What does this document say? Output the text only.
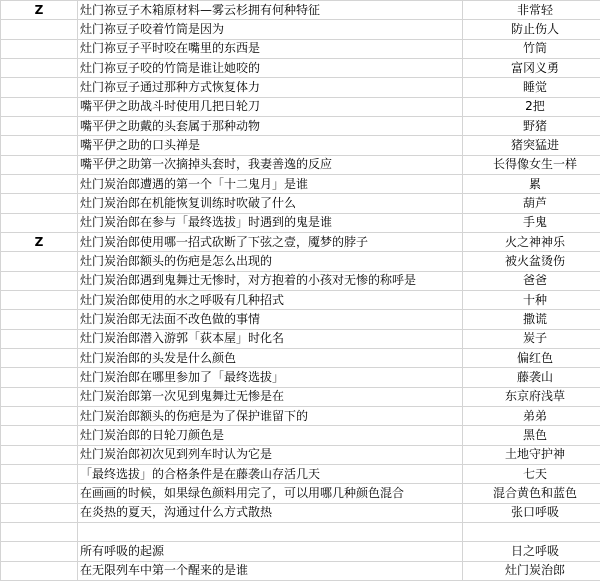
Z	灶门祢豆子木箱原材料—雾云杉拥有何种特征	非常轻
	灶门祢豆子咬着竹筒是因为	防止伤人
	灶门祢豆子平时咬在嘴里的东西是	竹筒
	灶门祢豆子咬的竹筒是谁让她咬的	富冈义勇
	灶门祢豆子通过那种方式恢复体力	睡觉
	嘴平伊之助战斗时使用几把日轮刀	2把
	嘴平伊之助戴的头套属于那种动物	野猪
	嘴平伊之助的口头禅是	猪突猛进
	嘴平伊之助第一次摘掉头套时，我妻善逸的反应	长得像女生一样
	灶门炭治郎遭遇的第一个「十二鬼月」是谁	累
	灶门炭治郎在机能恢复训练时吹破了什么	葫芦
	灶门炭治郎在参与「最终选拔」时遇到的鬼是谁	手鬼
Z	灶门炭治郎使用哪一招式砍断了下弦之壹，魇梦的脖子	火之神神乐
	灶门炭治郎额头的伤疤是怎么出现的	被火盆烫伤
	灶门炭治郎遇到鬼舞辻无惨时，对方抱着的小孩对无惨的称呼是	爸爸
	灶门炭治郎使用的水之呼吸有几种招式	十种
	灶门炭治郎无法面不改色做的事情	撒谎
	灶门炭治郎潜入游郭「荻本屋」时化名	炭子
	灶门炭治郎的头发是什么颜色	偏红色
	灶门炭治郎在哪里参加了「最终选拔」	藤袭山
	灶门炭治郎第一次见到鬼舞辻无惨是在	东京府浅草
	灶门炭治郎额头的伤疤是为了保护谁留下的	弟弟
	灶门炭治郎的日轮刀颜色是	黑色
	灶门炭治郎初次见到列车时认为它是	土地守护神
	「最终选拔」的合格条件是在藤袭山存活几天	七天
	在画画的时候，如果绿色颜料用完了，可以用哪几种颜色混合	混合黄色和蓝色
	在炎热的夏天，沟通过什么方式散热	张口呼吸

	所有呼吸的起源	日之呼吸
	在无限列车中第一个醒来的是谁	灶门炭治郎
